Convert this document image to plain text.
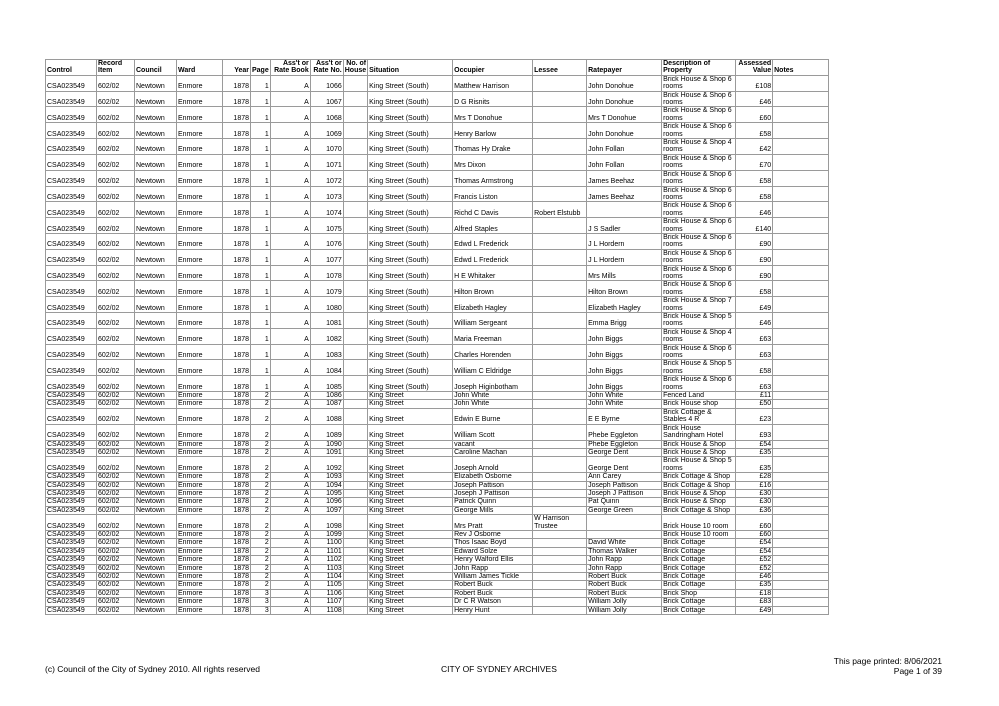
Control	Record Item	Council	Ward	Year	Page	Ass't or Rate Book	Ass't or Rate No.	No. of House	Situation	Occupier	Lessee	Ratepayer	Description of Property	Assessed Value	Notes
CSA023549	602/02	Newtown	Enmore	1878	1	A	1066		King Street (South)	Matthew Harrison		John Donohue	Brick House & Shop 6 rooms	£108	
CSA023549	602/02	Newtown	Enmore	1878	1	A	1067		King Street (South)	D G Risnits		John Donohue	Brick House & Shop 6 rooms	£46	
CSA023549	602/02	Newtown	Enmore	1878	1	A	1068		King Street (South)	Mrs T Donohue		Mrs T Donohue	Brick House & Shop 6 rooms	£60	
CSA023549	602/02	Newtown	Enmore	1878	1	A	1069		King Street (South)	Henry Barlow		John Donohue	Brick House & Shop 6 rooms	£58	
CSA023549	602/02	Newtown	Enmore	1878	1	A	1070		King Street (South)	Thomas Hy Drake		John Follan	Brick House & Shop 4 rooms	£42	
CSA023549	602/02	Newtown	Enmore	1878	1	A	1071		King Street (South)	Mrs Dixon		John Follan	Brick House & Shop 6 rooms	£70	
CSA023549	602/02	Newtown	Enmore	1878	1	A	1072		King Street (South)	Thomas Armstrong		James Beehaz	Brick House & Shop 6 rooms	£58	
CSA023549	602/02	Newtown	Enmore	1878	1	A	1073		King Street (South)	Francis Liston		James Beehaz	Brick House & Shop 6 rooms	£58	
CSA023549	602/02	Newtown	Enmore	1878	1	A	1074		King Street (South)	Richd C Davis	Robert Elstubb		Brick House & Shop 6 rooms	£46	
CSA023549	602/02	Newtown	Enmore	1878	1	A	1075		King Street (South)	Alfred Staples		J S Sadler	Brick House & Shop 6 rooms	£140	
CSA023549	602/02	Newtown	Enmore	1878	1	A	1076		King Street (South)	Edwd L Frederick		J L Hordern	Brick House & Shop 6 rooms	£90	
CSA023549	602/02	Newtown	Enmore	1878	1	A	1077		King Street (South)	Edwd L Frederick		J L Hordern	Brick House & Shop 6 rooms	£90	
CSA023549	602/02	Newtown	Enmore	1878	1	A	1078		King Street (South)	H E Whitaker		Mrs Mills	Brick House & Shop 6 rooms	£90	
CSA023549	602/02	Newtown	Enmore	1878	1	A	1079		King Street (South)	Hilton Brown		Hilton Brown	Brick House & Shop 6 rooms	£58	
CSA023549	602/02	Newtown	Enmore	1878	1	A	1080		King Street (South)	Elizabeth Hagley		Elizabeth Hagley	Brick House & Shop 7 rooms	£49	
CSA023549	602/02	Newtown	Enmore	1878	1	A	1081		King Street (South)	William Sergeant		Emma Brigg	Brick House & Shop 5 rooms	£46	
CSA023549	602/02	Newtown	Enmore	1878	1	A	1082		King Street (South)	Maria Freeman		John Biggs	Brick House & Shop 4 rooms	£63	
CSA023549	602/02	Newtown	Enmore	1878	1	A	1083		King Street (South)	Charles Horenden		John Biggs	Brick House & Shop 6 rooms	£63	
CSA023549	602/02	Newtown	Enmore	1878	1	A	1084		King Street (South)	William C Eldridge		John Biggs	Brick House & Shop 5 rooms	£58	
CSA023549	602/02	Newtown	Enmore	1878	1	A	1085		King Street (South)	Joseph Higinbotham		John Biggs	Brick House & Shop 6 rooms	£63	
CSA023549	602/02	Newtown	Enmore	1878	2	A	1086		King Street	John White		John White	Fenced Land	£11	
CSA023549	602/02	Newtown	Enmore	1878	2	A	1087		King Street	John White		John White	Brick House shop	£50	
CSA023549	602/02	Newtown	Enmore	1878	2	A	1088		King Street	Edwin E Burne		E E Byrne	Brick Cottage & Stables 4 R	£23	
CSA023549	602/02	Newtown	Enmore	1878	2	A	1089		King Street	William Scott		Phebe Eggleton	Brick House Sandringham Hotel	£93	
CSA023549	602/02	Newtown	Enmore	1878	2	A	1090		King Street	vacant		Phebe Eggleton	Brick House & Shop	£54	
CSA023549	602/02	Newtown	Enmore	1878	2	A	1091		King Street	Caroline Machan		George Dent	Brick House & Shop	£35	
CSA023549	602/02	Newtown	Enmore	1878	2	A	1092		King Street	Joseph Arnold		George Dent	Brick House & Shop 5 rooms	£35	
CSA023549	602/02	Newtown	Enmore	1878	2	A	1093		King Street	Elizabeth Osborne		Ann Carey	Brick Cottage & Shop	£28	
CSA023549	602/02	Newtown	Enmore	1878	2	A	1094		King Street	Joseph Pattison		Joseph Pattison	Brick Cottage & Shop	£16	
CSA023549	602/02	Newtown	Enmore	1878	2	A	1095		King Street	Joseph J Pattison		Joseph J Pattison	Brick House & Shop	£30	
CSA023549	602/02	Newtown	Enmore	1878	2	A	1096		King Street	Patrick Quinn		Pat Quinn	Brick House & Shop	£30	
CSA023549	602/02	Newtown	Enmore	1878	2	A	1097		King Street	George Mills		George Green	Brick Cottage & Shop	£36	
CSA023549	602/02	Newtown	Enmore	1878	2	A	1098		King Street	Mrs Pratt	W Harrison Trustee		Brick House 10 room	£60	
CSA023549	602/02	Newtown	Enmore	1878	2	A	1099		King Street	Rev J Osborne			Brick House 10 room	£60	
CSA023549	602/02	Newtown	Enmore	1878	2	A	1100		King Street	Thos Isaac Boyd		David White	Brick Cottage	£54	
CSA023549	602/02	Newtown	Enmore	1878	2	A	1101		King Street	Edward Solze		Thomas Walker	Brick Cottage	£54	
CSA023549	602/02	Newtown	Enmore	1878	2	A	1102		King Street	Henry Walford Ellis		John Rapp	Brick Cottage	£52	
CSA023549	602/02	Newtown	Enmore	1878	2	A	1103		King Street	John Rapp		John Rapp	Brick Cottage	£52	
CSA023549	602/02	Newtown	Enmore	1878	2	A	1104		King Street	William James Tickle		Robert Buck	Brick Cottage	£46	
CSA023549	602/02	Newtown	Enmore	1878	2	A	1105		King Street	Robert Buck		Robert Buck	Brick Cottage	£35	
CSA023549	602/02	Newtown	Enmore	1878	3	A	1106		King Street	Robert Buck		Robert Buck	Brick Shop	£18	
CSA023549	602/02	Newtown	Enmore	1878	3	A	1107		King Street	Dr C R Watson		William Jolly	Brick Cottage	£83	
CSA023549	602/02	Newtown	Enmore	1878	3	A	1108		King Street	Henry Hunt		William Jolly	Brick Cottage	£49	
(c) Council of the City of Sydney 2010. All rights reserved	CITY OF SYDNEY ARCHIVES
This page printed: 8/06/2021
Page 1 of 39
